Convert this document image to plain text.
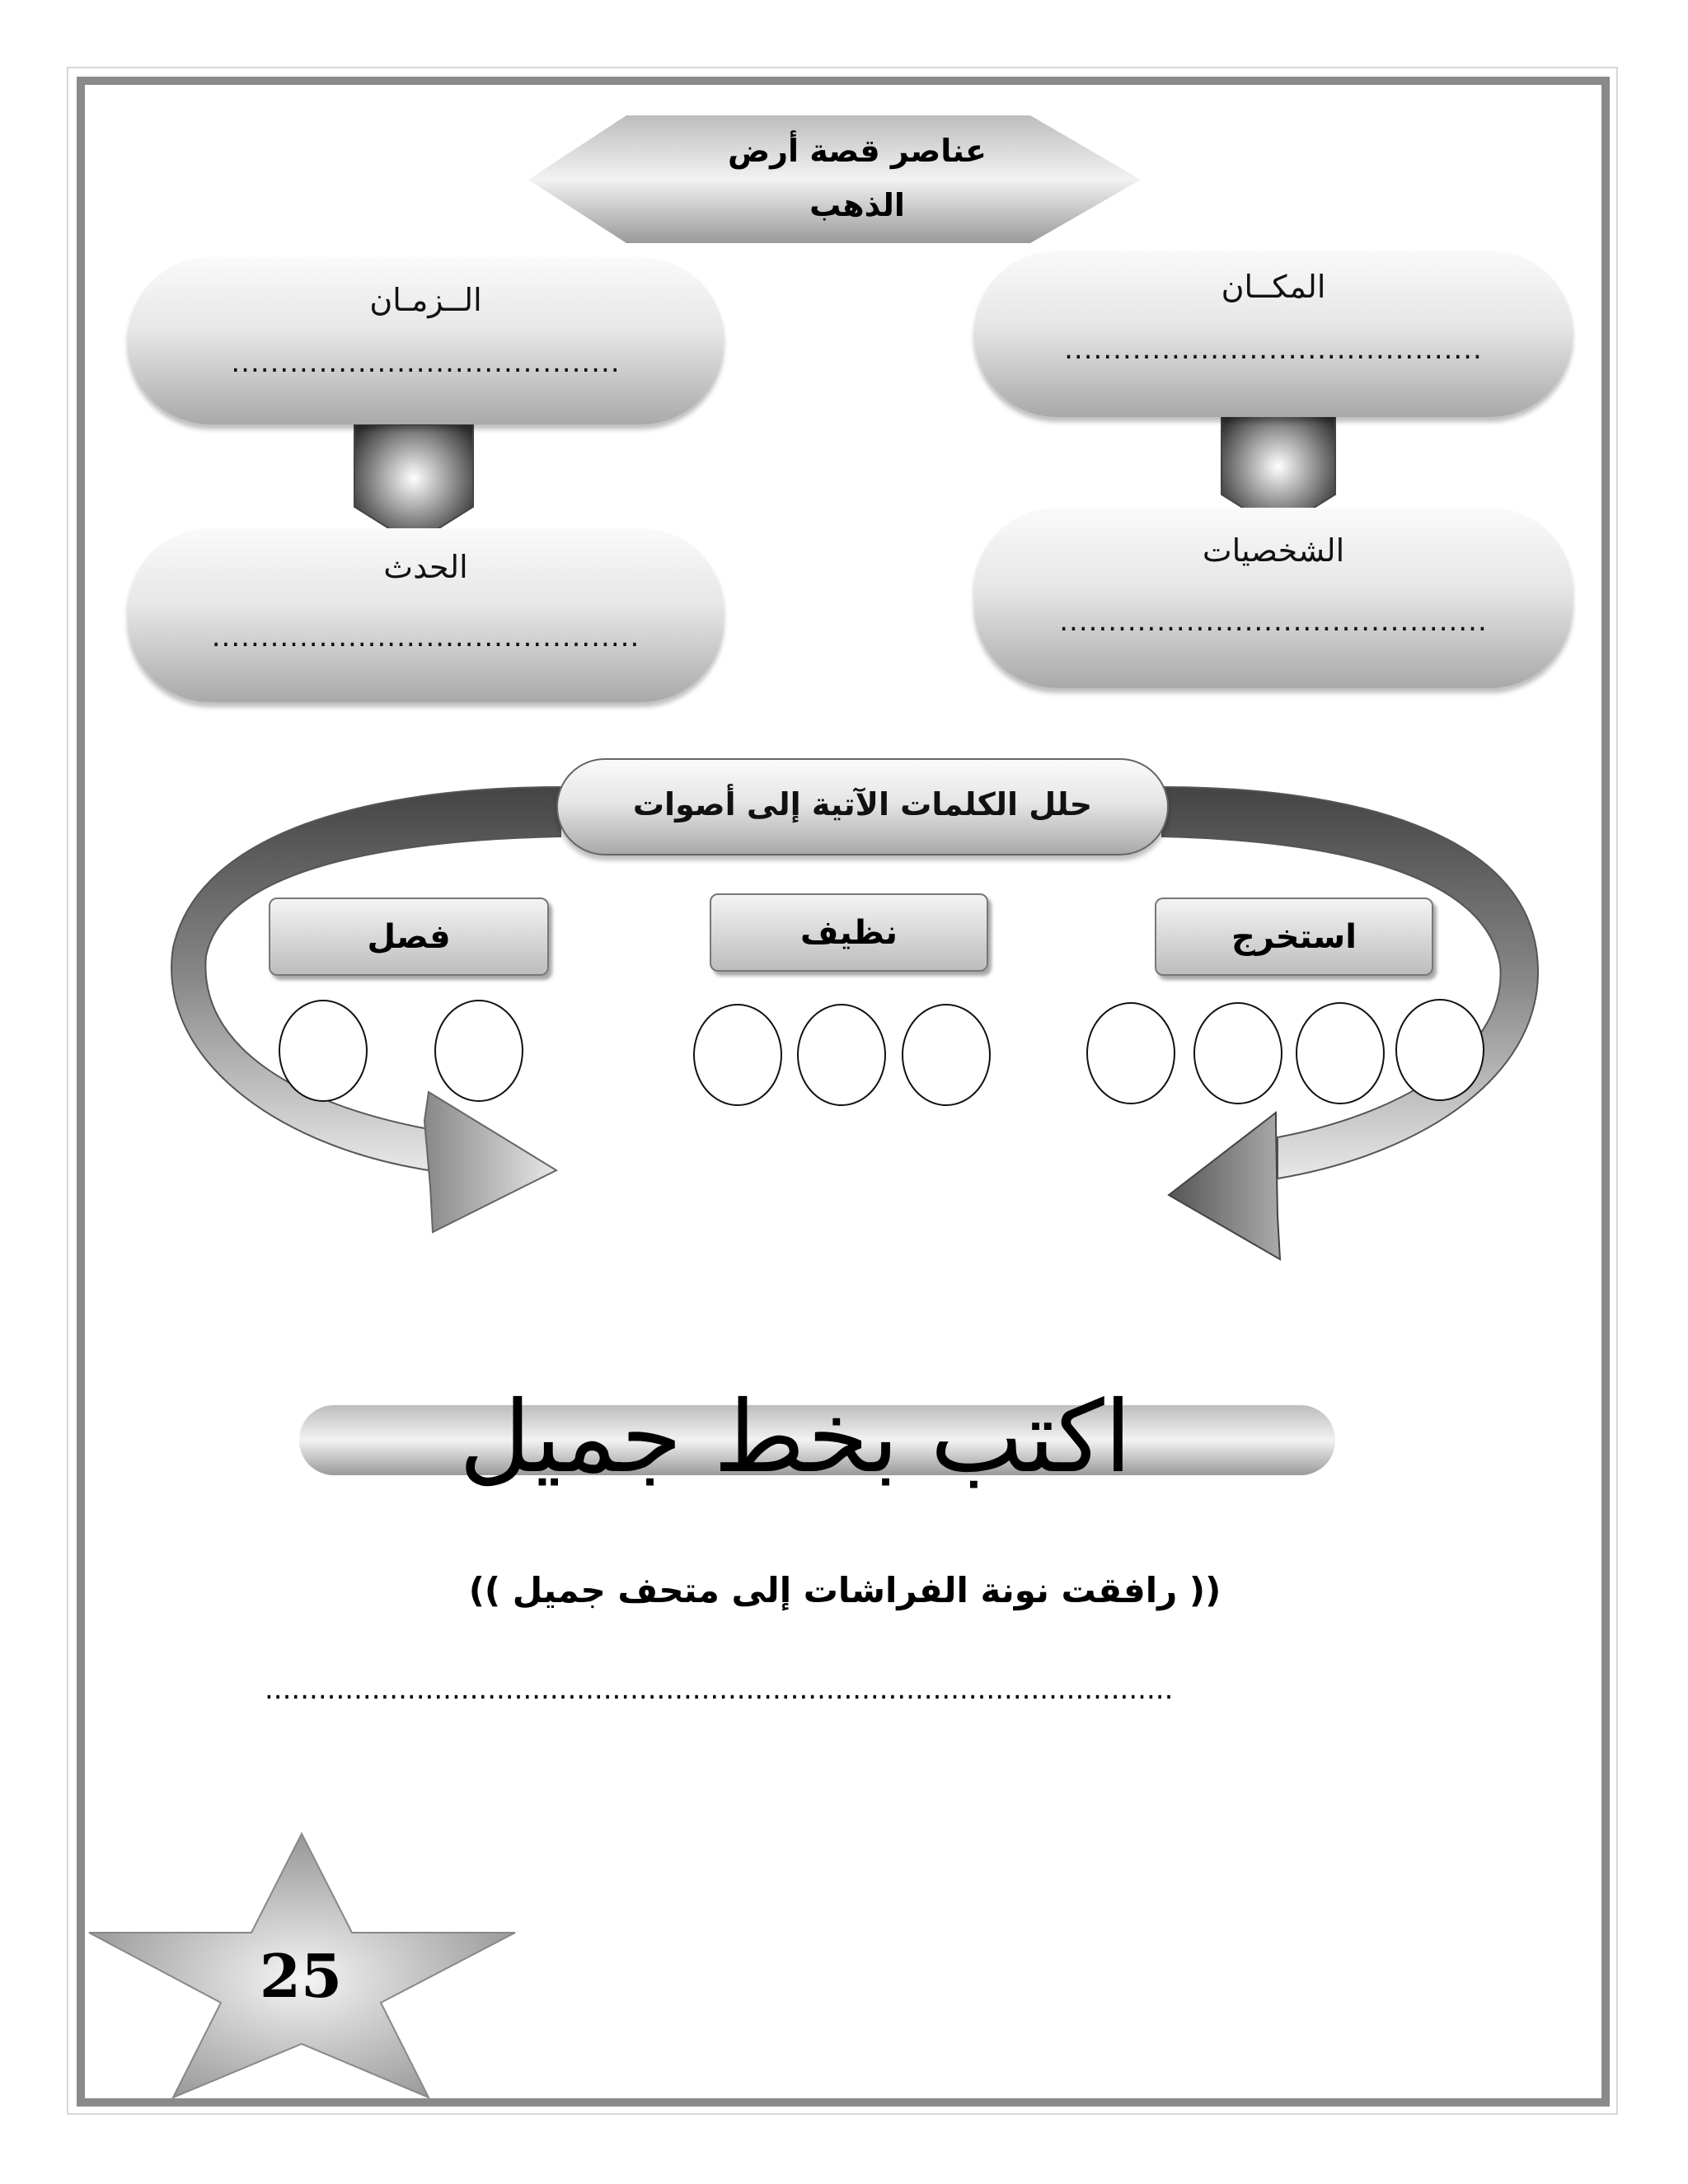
عناصر قصة أرض
الذهب
الــزمـان
........................................
المكــان
...........................................
الحدث
............................................
الشخصيات
............................................
حلل الكلمات الآتية إلى أصوات
استخرج
نظيف
فصل
اكتب بخط جميل
(( رافقت نونة الفراشات إلى متحف جميل ))
......................................................................................................
25
